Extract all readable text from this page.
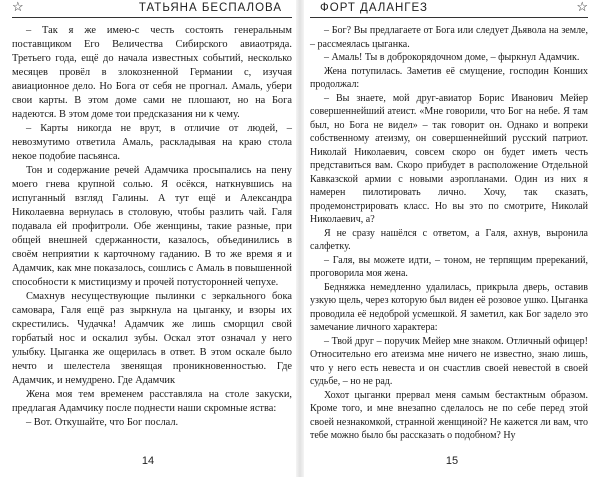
☆	ТАТЬЯНА БЕСПАЛОВА

– Так я же имею-с честь состоять генеральным поставщиком Его Величества Сибирского авиаотряда. Третьего года, ещё до начала известных событий, несколько месяцев провёл в злокозненной Германии с, изучая авиационное дело. Но Бога от себя не прогнал. Амаль, убери свои карты. В этом доме сами не плошают, но на Бога надеются. В этом доме тои предсказания ни к чему.

– Карты никогда не врут, в отличие от людей, – невозмутимо ответила Амаль, раскладывая на краю стола некое подобие пасьянса.

Тон и содержание речей Адамчика просыпались на пену моего гнева крупной солью. Я осёкся, наткнувшись на испуганный взгляд Галины. А тут ещё и Александра Николаевна вернулась в столовую, чтобы разлить чай. Галя подавала ей профитроли. Обе женщины, такие разные, при общей внешней сдержанности, казалось, объединились в своём неприятии к карточному гаданию. В то же время я и Адамчик, как мне показалось, сошлись с Амаль в повышенной способности к мистицизму и прочей потусторонней чепухе.

Смахнув несуществующие пылинки с зеркального бока самовара, Галя ещё раз зыркнула на цыганку, и взоры их скрестились. Чудачка! Адамчик же лишь сморщил свой горбатый нос и оскалил зубы. Оскал этот означал у него улыбку. Цыганка же ощерилась в ответ. В этом оскале было нечто и шелестела звенящая проникновенностью. Где Адамчик, и немудрено. Где Адамчик

Жена моя тем временем расставляла на столе закуски, предлагая Адамчику после поднести наши скромные яства:

– Вот. Откушайте, что Бог послал.

14
ФОРТ ДАЛАНГЕЗ	☆

– Бог? Вы предлагаете от Бога или следует Дьявола на земле, – рассмеялась цыганка.

– Амаль! Ты в доброкорядочном доме, – фыркнул Адамчик.

Жена потупилась. Заметив её смущение, господин Конших продолжал:

– Вы знаете, мой друг-авиатор Борис Иванович Мейер совершеннейший атеист. «Мне говорили, что Бог на небе. Я там был, но Бога не видел» – так говорит он. Однако и вопреки собственному атеизму, он совершеннейший русский патриот. Николай Николаевич, совсем скоро он будет иметь честь представиться вам. Скоро прибудет в расположение Отдельной Кавказской армии с новыми аэропланами. Один из них я намерен пилотировать лично. Хочу, так сказать, продемонстрировать класс. Но вы это по смотрите, Николай Николаевич, а?

Я не сразу нашёлся с ответом, а Галя, ахнув, выронила салфетку.

– Галя, вы можете идти, – тоном, не терпящим пререканий, проговорила моя жена.

Бедняжка немедленно удалилась, прикрыла дверь, оставив узкую щель, через которую был виден её розовое ушко. Цыганка проводила её недоброй усмешкой. Я заметил, как Бог задело это замечание личного характера:

– Твой друг – поручик Мейер мне знаком. Отличный офицер! Относительно его атеизма мне ничего не известно, знаю лишь, что у него есть невеста и он счастлив своей невестой в своей судьбе, – но не рад.

Хохот цыганки прервал меня самым бестактным образом. Кроме того, и мне внезапно сделалось не по себе перед этой своей незнакомкой, странной женщиной? Не кажется ли вам, что тебе можно было бы рассказать о подобном? Ну

15
